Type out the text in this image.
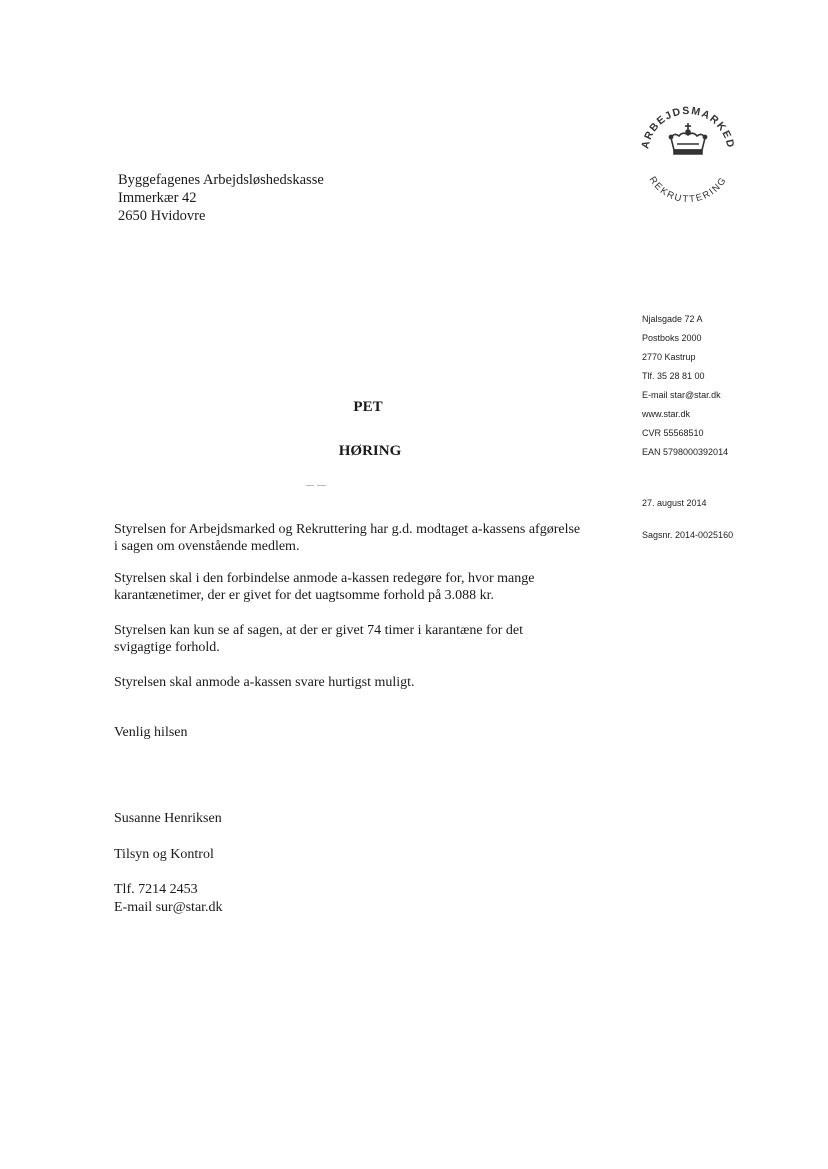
Byggefagenes Arbejdsløshedskasse
Immerkær 42
2650 Hvidovre
ARBEJDSMARKED
REKRUTTERING
Njalsgade 72 A
Postboks 2000
2770 Kastrup
Tlf. 35 28 81 00
E-mail star@star.dk
www.star.dk
CVR 55568510
EAN 5798000392014
27. august 2014
Sagsnr. 2014-0025160
PET
HØRING
Styrelsen for Arbejdsmarked og Rekruttering har g.d. modtaget a-kassens afgørelse
i sagen om ovenstående medlem.
Styrelsen skal i den forbindelse anmode a-kassen redegøre for, hvor mange
karantænetimer, der er givet for det uagtsomme forhold på 3.088 kr.
Styrelsen kan kun se af sagen, at der er givet 74 timer i karantæne for det
svigagtige forhold.
Styrelsen skal anmode a-kassen svare hurtigst muligt.
Venlig hilsen
Susanne Henriksen
Tilsyn og Kontrol
Tlf. 7214 2453
E-mail sur@star.dk
